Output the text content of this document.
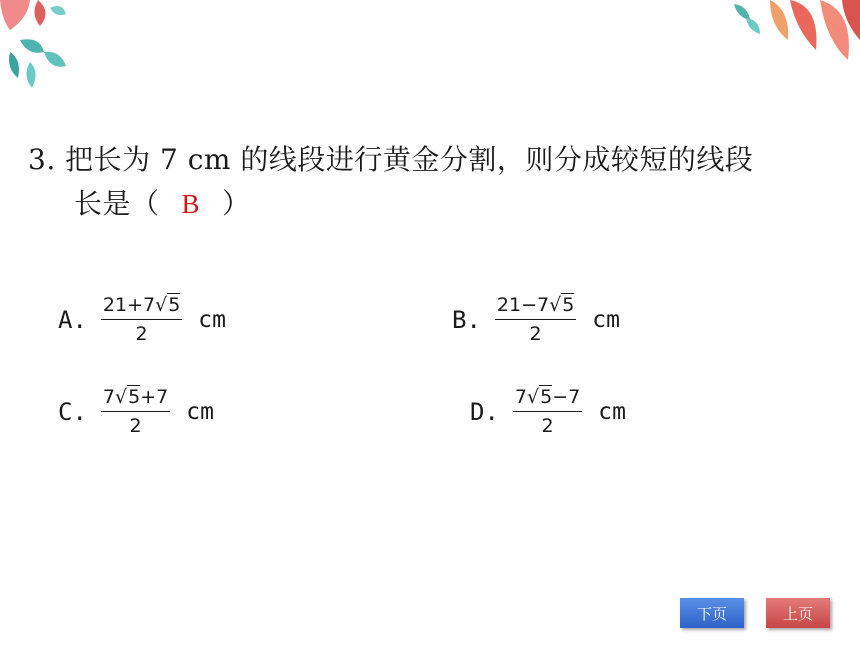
3. 把长为 7 cm 的线段进行黄金分割，则分成较短的线段
长是（ B ）
A. $\frac{21+7√5}{2}$ cm	B. $\frac{21-7√5}{2}$ cm
C. $\frac{7√5+7}{2}$ cm	D. $\frac{7√5-7}{2}$ cm
下页	上页
